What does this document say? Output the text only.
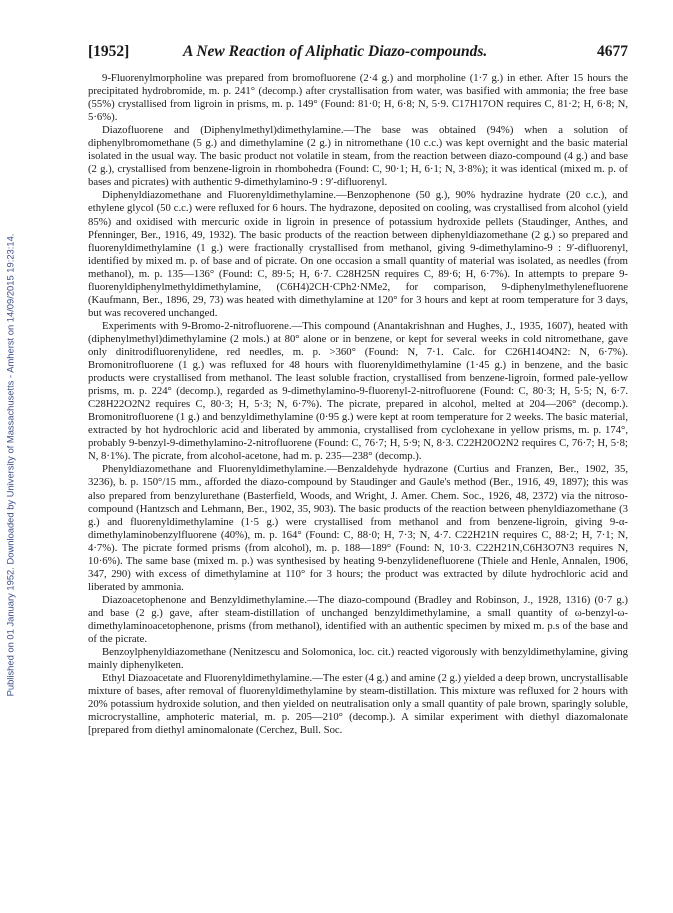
Published on 01 January 1952. Downloaded by University of Massachusetts - Amherst on 14/09/2015 19:23:14.
[1952]	A New Reaction of Aliphatic Diazo-compounds.	4677

9-Fluorenylmorpholine was prepared from bromofluorene (2·4 g.) and morpholine (1·7 g.) in ether. After 15 hours the precipitated hydrobromide, m. p. 241° (decomp.) after crystallisation from water, was basified with ammonia; the free base (55%) crystallised from ligroin in prisms, m. p. 149° (Found: 81·0; H, 6·8; N, 5·9. C17H17ON requires C, 81·2; H, 6·8; N, 5·6%).

Diazofluorene and (Diphenylmethyl)dimethylamine.—The base was obtained (94%) when a solution of diphenylbromomethane (5 g.) and dimethylamine (2 g.) in nitromethane (10 c.c.) was kept overnight and the basic material isolated in the usual way. The basic product not volatile in steam, from the reaction between diazo-compound (4 g.) and base (2 g.), crystallised from benzene-ligroin in rhombohedra (Found: C, 90·1; H, 6·1; N, 3·8%); it was identical (mixed m. p. of bases and picrates) with authentic 9-dimethylamino-9 : 9′-difluorenyl.

Diphenyldiazomethane and Fluorenyldimethylamine.—Benzophenone (50 g.), 90% hydrazine hydrate (20 c.c.), and ethylene glycol (50 c.c.) were refluxed for 6 hours. The hydrazone, deposited on cooling, was crystallised from alcohol (yield 85%) and oxidised with mercuric oxide in ligroin in presence of potassium hydroxide pellets (Staudinger, Anthes, and Pfenninger, Ber., 1916, 49, 1932). The basic products of the reaction between diphenyldiazomethane (2 g.) so prepared and fluorenyldimethylamine (1 g.) were fractionally crystallised from methanol, giving 9-dimethylamino-9 : 9′-difluorenyl, identified by mixed m. p. of base and of picrate. On one occasion a small quantity of material was isolated, as needles (from methanol), m. p. 135—136° (Found: C, 89·5; H, 6·7. C28H25N requires C, 89·6; H, 6·7%). In attempts to prepare 9-fluorenyldiphenylmethyldimethylamine, (C6H4)2CH·CPh2·NMe2, for comparison, 9-diphenylmethylenefluorene (Kaufmann, Ber., 1896, 29, 73) was heated with dimethylamine at 120° for 3 hours and kept at room temperature for 3 days, but was recovered unchanged.

Experiments with 9-Bromo-2-nitrofluorene.—This compound (Anantakrishnan and Hughes, J., 1935, 1607), heated with (diphenylmethyl)dimethylamine (2 mols.) at 80° alone or in benzene, or kept for several weeks in cold nitromethane, gave only dinitrodifluorenylidene, red needles, m. p. >360° (Found: N, 7·1. Calc. for C26H14O4N2: N, 6·7%). Bromonitrofluorene (1 g.) was refluxed for 48 hours with fluorenyldimethylamine (1·45 g.) in benzene, and the basic products were crystallised from methanol. The least soluble fraction, crystallised from benzene-ligroin, formed pale-yellow prisms, m. p. 224° (decomp.), regarded as 9-dimethylamino-9-fluorenyl-2-nitrofluorene (Found: C, 80·3; H, 5·5; N, 6·7. C28H22O2N2 requires C, 80·3; H, 5·3; N, 6·7%). The picrate, prepared in alcohol, melted at 204—206° (decomp.). Bromonitrofluorene (1 g.) and benzyldimethylamine (0·95 g.) were kept at room temperature for 2 weeks. The basic material, extracted by hot hydrochloric acid and liberated by ammonia, crystallised from cyclohexane in yellow prisms, m. p. 174°, probably 9-benzyl-9-dimethylamino-2-nitrofluorene (Found: C, 76·7; H, 5·9; N, 8·3. C22H20O2N2 requires C, 76·7; H, 5·8; N, 8·1%). The picrate, from alcohol-acetone, had m. p. 235—238° (decomp.).

Phenyldiazomethane and Fluorenyldimethylamine.—Benzaldehyde hydrazone (Curtius and Franzen, Ber., 1902, 35, 3236), b. p. 150°/15 mm., afforded the diazo-compound by Staudinger and Gaule's method (Ber., 1916, 49, 1897); this was also prepared from benzylurethane (Basterfield, Woods, and Wright, J. Amer. Chem. Soc., 1926, 48, 2372) via the nitroso-compound (Hantzsch and Lehmann, Ber., 1902, 35, 903). The basic products of the reaction between phenyldiazomethane (3 g.) and fluorenyldimethylamine (1·5 g.) were crystallised from methanol and from benzene-ligroin, giving 9-α-dimethylaminobenzylfluorene (40%), m. p. 164° (Found: C, 88·0; H, 7·3; N, 4·7. C22H21N requires C, 88·2; H, 7·1; N, 4·7%). The picrate formed prisms (from alcohol), m. p. 188—189° (Found: N, 10·3. C22H21N,C6H3O7N3 requires N, 10·6%). The same base (mixed m. p.) was synthesised by heating 9-benzylidenefluorene (Thiele and Henle, Annalen, 1906, 347, 290) with excess of dimethylamine at 110° for 3 hours; the product was extracted by dilute hydrochloric acid and liberated by ammonia.

Diazoacetophenone and Benzyldimethylamine.—The diazo-compound (Bradley and Robinson, J., 1928, 1316) (0·7 g.) and base (2 g.) gave, after steam-distillation of unchanged benzyldimethylamine, a small quantity of ω-benzyl-ω-dimethylaminoacetophenone, prisms (from methanol), identified with an authentic specimen by mixed m. p.s of the base and of the picrate.

Benzoylphenyldiazomethane (Nenitzescu and Solomonica, loc. cit.) reacted vigorously with benzyldimethylamine, giving mainly diphenylketen.

Ethyl Diazoacetate and Fluorenyldimethylamine.—The ester (4 g.) and amine (2 g.) yielded a deep brown, uncrystallisable mixture of bases, after removal of fluorenyldimethylamine by steam-distillation. This mixture was refluxed for 2 hours with 20% potassium hydroxide solution, and then yielded on neutralisation only a small quantity of pale brown, sparingly soluble, microcrystalline, amphoteric material, m. p. 205—210° (decomp.). A similar experiment with diethyl diazomalonate [prepared from diethyl aminomalonate (Cerchez, Bull. Soc.
